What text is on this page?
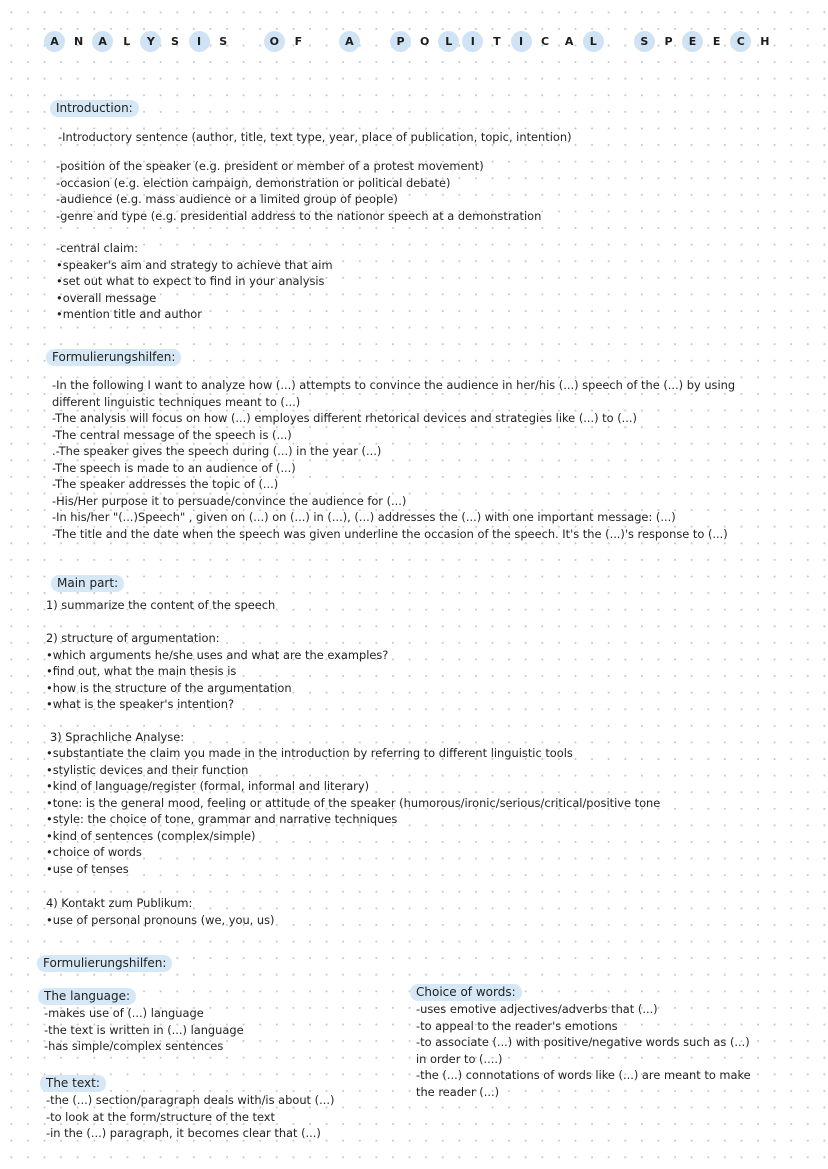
A	N	A	L	Y	S	I	S	O	F	A	P	O	L	I	T	I	C	A	L	S	P	E	E	C	H
Introduction:
-Introductory sentence (author, title, text type, year, place of publication, topic, intention)
-position of the speaker (e.g. president or member of a protest movement)
-occasion (e.g. election campaign, demonstration or political debate)
-audience (e.g. mass audience or a limited group of people)
-genre and type (e.g. presidential address to the nationor speech at a demonstration
-central claim:
•speaker's aim and strategy to achieve that aim
•set out what to expect to find in your analysis
•overall message
•mention title and author
Formulierungshilfen:
-In the following I want to analyze how (...) attempts to convince the audience in her/his (...) speech of the (...) by using
different linguistic techniques meant to (...)
-The analysis will focus on how (...) employes different rhetorical devices and strategies like (...) to (...)
-The central message of the speech is (...)
.-The speaker gives the speech during (...) in the year (...)
-The speech is made to an audience of (...)
-The speaker addresses the topic of (...)
-His/Her purpose it to persuade/convince the audience for (...)
-In his/her "(...)Speech" , given on (...) on (...) in (...), (...) addresses the (...) with one important message: (...)
-The title and the date when the speech was given underline the occasion of the speech. It's the (...)'s response to (...)
Main part:
1) summarize the content of the speech
2) structure of argumentation:
•which arguments he/she uses and what are the examples?
•find out, what the main thesis is
•how is the structure of the argumentation
•what is the speaker's intention?
3) Sprachliche Analyse:
•substantiate the claim you made in the introduction by referring to different linguistic tools
•stylistic devices and their function
•kind of language/register (formal, informal and literary)
•tone: is the general mood, feeling or attitude of the speaker (humorous/ironic/serious/critical/positive tone
•style: the choice of tone, grammar and narrative techniques
•kind of sentences (complex/simple)
•choice of words
•use of tenses
4) Kontakt zum Publikum:
•use of personal pronouns (we, you, us)
Formulierungshilfen:
The language:
-makes use of (...) language
-the text is written in (...) language
-has simple/complex sentences
The text:
-the (...) section/paragraph deals with/is about (...)
-to look at the form/structure of the text
-in the (...) paragraph, it becomes clear that (...)
Choice of words:
-uses emotive adjectives/adverbs that (...)
-to appeal to the reader's emotions
-to associate (...) with positive/negative words such as (...)
in order to (....)
-the (...) connotations of words like (...) are meant to make
the reader (...)
